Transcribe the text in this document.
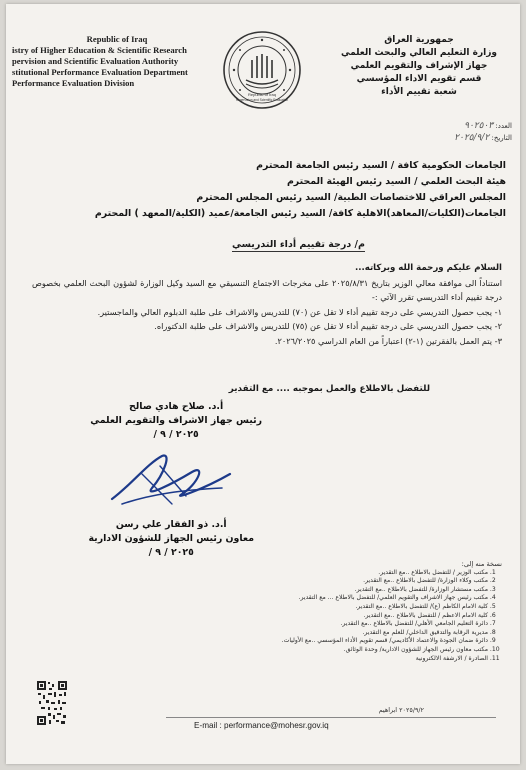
Republic of Iraq
istry of Higher Education & Scientific Research
pervision and Scientific Evaluation Authority
stitutional Performance Evaluation Department
Performance Evaluation Division
Republic of Iraq
Supervision and Scientific Evaluation
جمهورية العراق
وزارة التعليم العالي والبحث العلمي
جهاز الإشراف والتقويم العلمي
قسم تقويم الاداء المؤسسي
شعبة تقييم الأداء
العدد: ٩٠٢٥٠٣
التاريخ: ٢٠٢٥/٩/٢
الجامعات الحكومية كافة / السيد رئيس الجامعة المحترم
هيئة البحث العلمي / السيد رئيس الهيئة المحترم
المجلس العراقي للاختصاصات الطبية/ السيد رئيس المجلس المحترم
الجامعات(الكليات/المعاهد)الاهلية كافة/ السيد رئيس الجامعة/عميد (الكلية/المعهد ) المحترم
م/ درجة تقييم أداء التدريسي

السلام عليكم ورحمة الله وبركاته...

استناداً الى موافقة معالي الوزير بتاريخ ٢٠٢٥/٨/٣١ على مخرجات الاجتماع التنسيقي مع السيد وكيل الوزارة لشؤون البحث العلمي بخصوص درجة تقييم أداء التدريسي تقرر الآتي :-

١- يجب حصول التدريسي على درجة تقييم أداء لا تقل عن (٧٠) للتدريس والاشراف على طلبة الدبلوم العالي والماجستير.

٢- يجب حصول التدريسي على درجة تقييم أداء لا تقل عن (٧٥) للتدريس والاشراف على طلبة الدكتوراه.

٣- يتم العمل بالفقرتين (١-٢) اعتباراً من العام الدراسي ٢٠٢٦/٢٠٢٥.

للتفضل بالاطلاع والعمل بموجبه .... مع التقدير
أ.د. صلاح هادي صالح
رئيس جهاز الاشراف والتقويم العلمي
٢٠٢٥ / ٩ /
أ.د. ذو الفقار علي رسن
معاون رئيس الجهاز للشؤون الادارية
٢٠٢٥ / ٩ /
نسخة منه إلى:
1. مكتب الوزير / للتفضل بالاطلاع ..مع التقدير.
2. مكتب وكلاء الوزارة/ للتفضل بالاطلاع ..مع التقدير.
3. مكتب مستشار الوزارة/ للتفضل بالاطلاع ..مع التقدير.
4. مكتب رئيس جهاز الاشراف والتقويم العلمي/ للتفضل بالاطلاع ... مع التقدير.
5. كلية الامام الكاظم (ع)/ للتفضل بالاطلاع ..مع التقدير.
6. كلية الامام الاعظم / للتفضل بالاطلاع ..مع التقدير.
7. دائرة التعليم الجامعي الأهلي/ للتفضل بالاطلاع ..مع التقدير.
8. مديرية الرقابة والتدقيق الداخلي/ للعلم مع التقدير.
9. دائرة ضمان الجودة والاعتماد الأكاديمي/ قسم تقويم الأداء المؤسسي ..مع الأوليات.
10. مكتب معاون رئيس الجهاز للشؤون الادارية/ وحدة الوثائق.
11. الصادرة / الارشفة الالكترونية
٢٠٢٥/٩/٢ ابراهيم
E-mail : performance@mohesr.gov.iq
